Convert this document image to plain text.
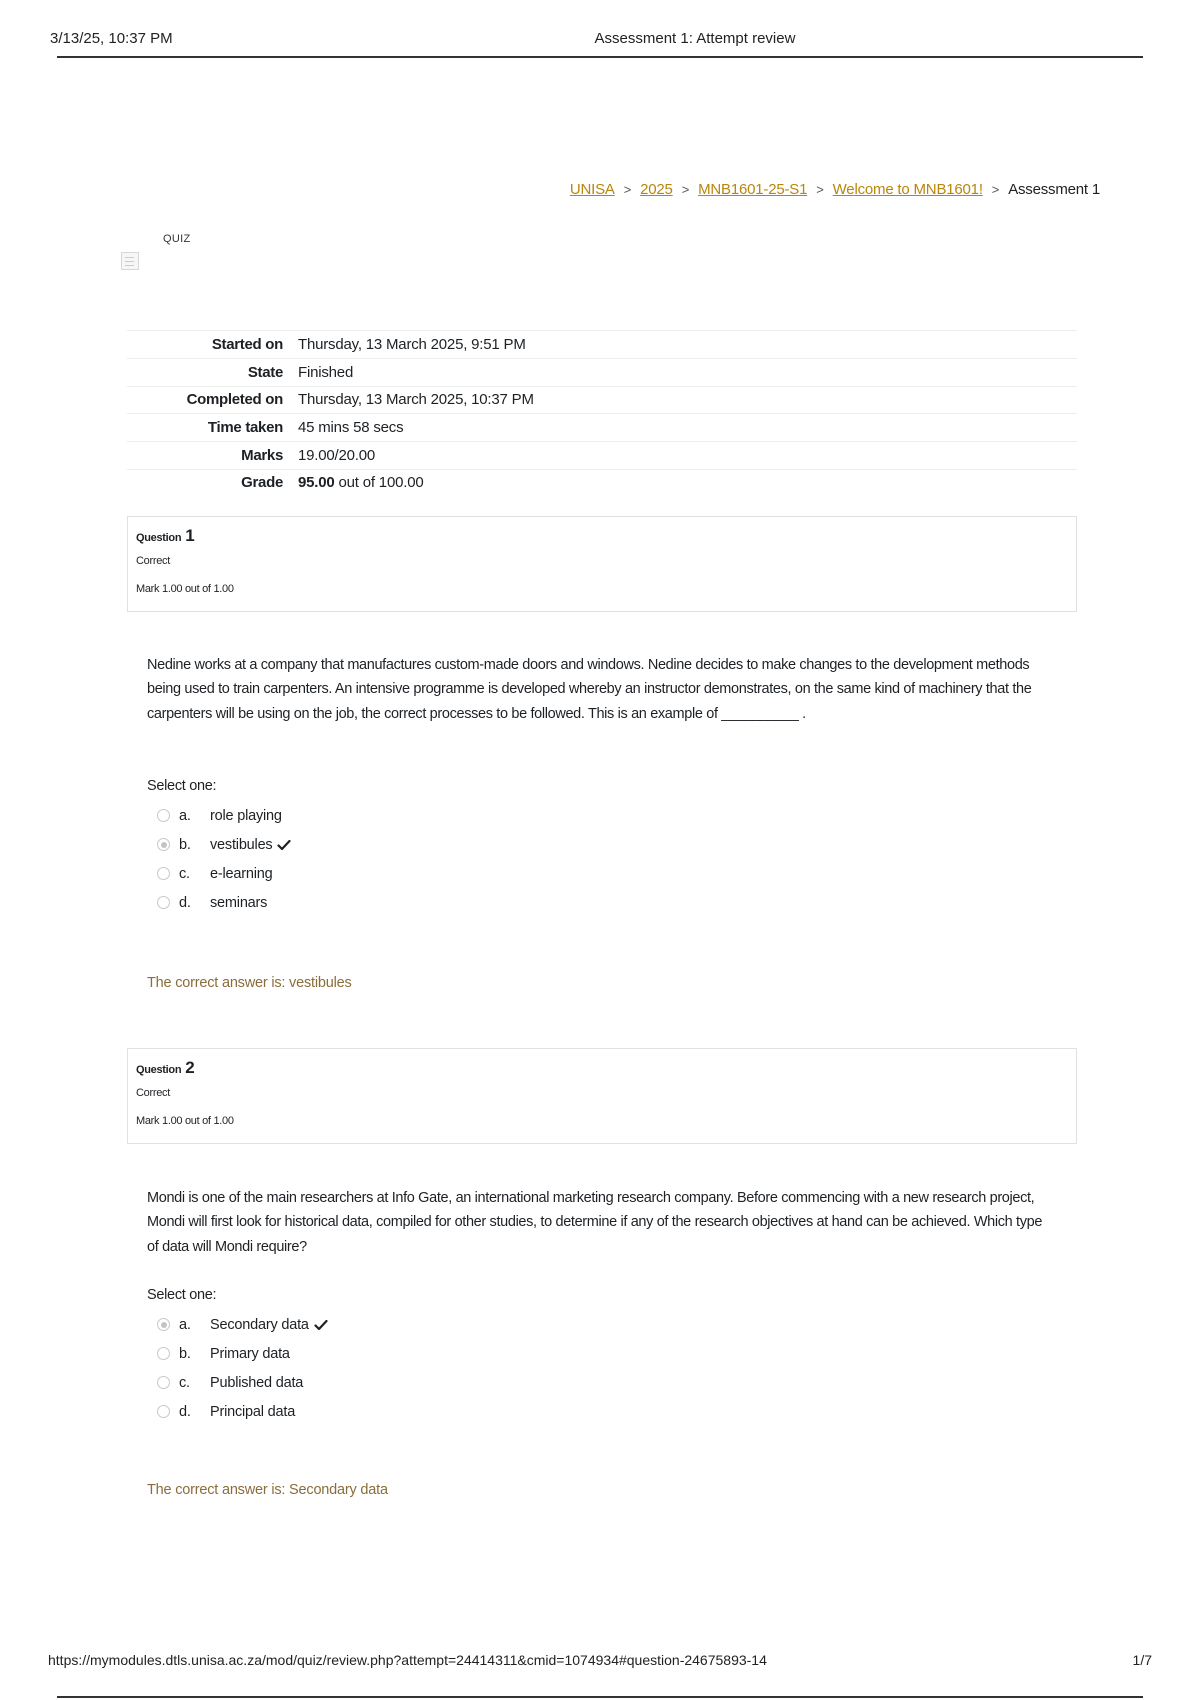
3/13/25, 10:37 PM	Assessment 1: Attempt review
UNISA > 2025 > MNB1601-25-S1 > Welcome to MNB1601! > Assessment 1
QUIZ
Started on	Thursday, 13 March 2025, 9:51 PM
State	Finished
Completed on	Thursday, 13 March 2025, 10:37 PM
Time taken	45 mins 58 secs
Marks	19.00/20.00
Grade	95.00 out of 100.00
Question 1
Correct
Mark 1.00 out of 1.00
Nedine works at a company that manufactures custom-made doors and windows. Nedine decides to make changes to the development methods being used to train carpenters. An intensive programme is developed whereby an instructor demonstrates, on the same kind of machinery that the carpenters will be using on the job, the correct processes to be followed. This is an example of __________ .
Select one:
a.	role playing
b.	vestibules
c.	e-learning
d.	seminars
The correct answer is: vestibules
Question 2
Correct
Mark 1.00 out of 1.00
Mondi is one of the main researchers at Info Gate, an international marketing research company. Before commencing with a new research project, Mondi will first look for historical data, compiled for other studies, to determine if any of the research objectives at hand can be achieved. Which type of data will Mondi require?
Select one:
a.	Secondary data
b.	Primary data
c.	Published data
d.	Principal data
The correct answer is: Secondary data
https://mymodules.dtls.unisa.ac.za/mod/quiz/review.php?attempt=24414311&cmid=1074934#question-24675893-14	1/7
